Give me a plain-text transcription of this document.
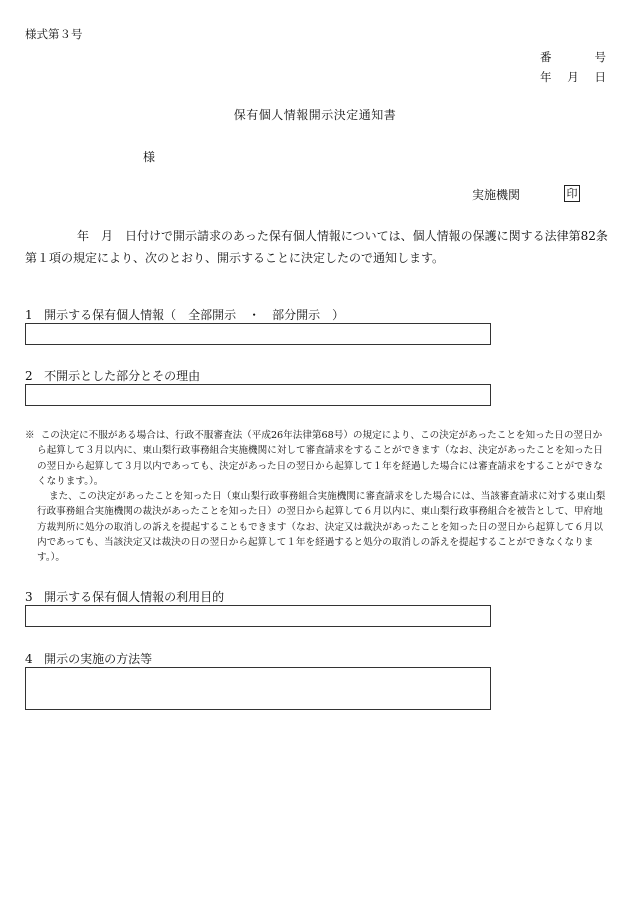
様式第３号
番	号
年 月 日
保有個人情報開示決定通知書
様
実施機関	印
年　月　日付けで開示請求のあった保有個人情報については、個人情報の保護に関する法律第82条第１項の規定により、次のとおり、開示することに決定したので通知します。
1 開示する保有個人情報（　全部開示　・　部分開示　）
2 不開示とした部分とその理由

※ この決定に不服がある場合は、行政不服審査法（平成26年法律第68号）の規定により、この決定があったことを知った日の翌日から起算して３月以内に、東山梨行政事務組合実施機関に対して審査請求をすることができます（なお、決定があったことを知った日の翌日から起算して３月以内であっても、決定があった日の翌日から起算して１年を経過した場合には審査請求をすることができなくなります。）。

また、この決定があったことを知った日（東山梨行政事務組合実施機関に審査請求をした場合には、当該審査請求に対する東山梨行政事務組合実施機関の裁決があったことを知った日）の翌日から起算して６月以内に、東山梨行政事務組合を被告として、甲府地方裁判所に処分の取消しの訴えを提起することもできます（なお、決定又は裁決があったことを知った日の翌日から起算して６月以内であっても、当該決定又は裁決の日の翌日から起算して１年を経過すると処分の取消しの訴えを提起することができなくなります。）。

3 開示する保有個人情報の利用目的
4 開示の実施の方法等
